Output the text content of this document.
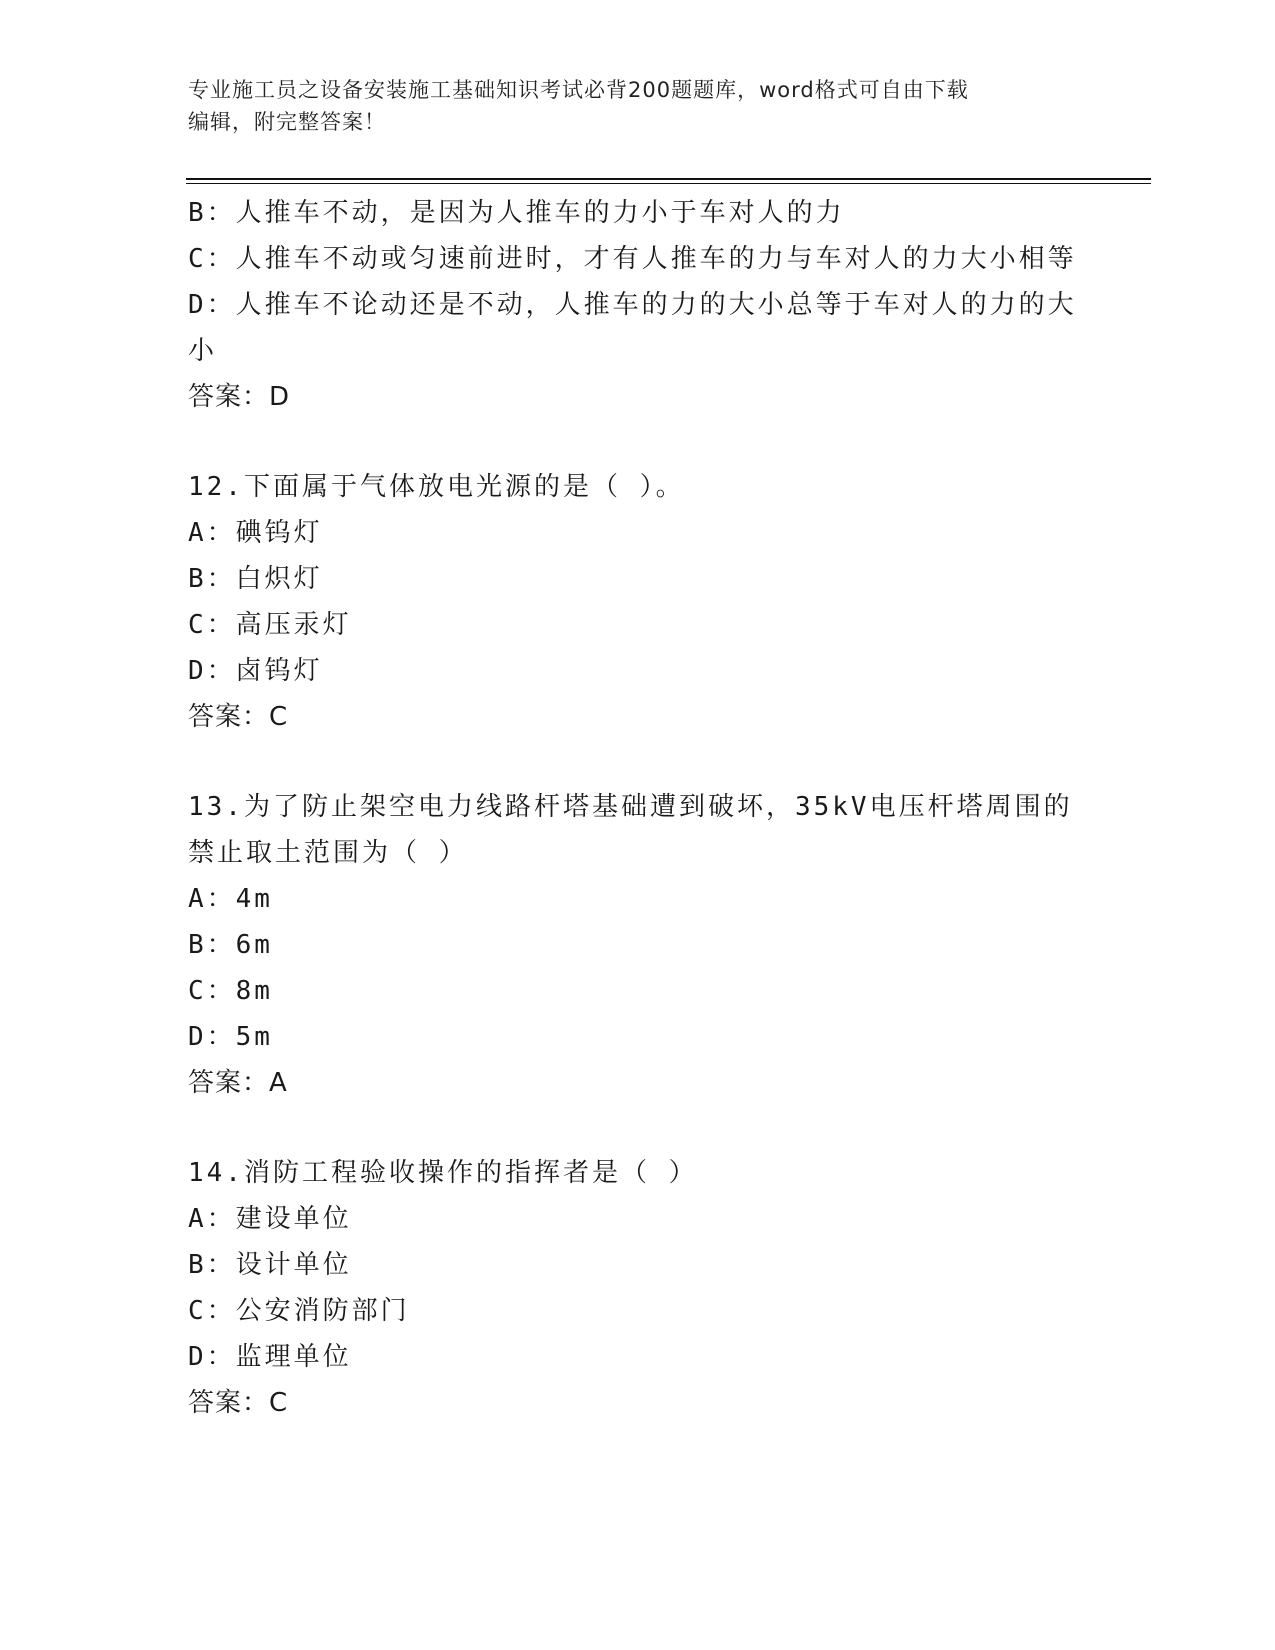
专业施工员之设备安装施工基础知识考试必背200题题库，word格式可自由下载
编辑，附完整答案！
B：人推车不动，是因为人推车的力小于车对人的力
C：人推车不动或匀速前进时，才有人推车的力与车对人的力大小相等
D：人推车不论动还是不动，人推车的力的大小总等于车对人的力的大小
答案：D
12.下面属于气体放电光源的是（ ）。
A：碘钨灯
B：白炽灯
C：高压汞灯
D：卤钨灯
答案：C
13.为了防止架空电力线路杆塔基础遭到破坏，35kV电压杆塔周围的禁止取土范围为（ ）
A：4m
B：6m
C：8m
D：5m
答案：A
14.消防工程验收操作的指挥者是（ ）
A：建设单位
B：设计单位
C：公安消防部门
D：监理单位
答案：C
